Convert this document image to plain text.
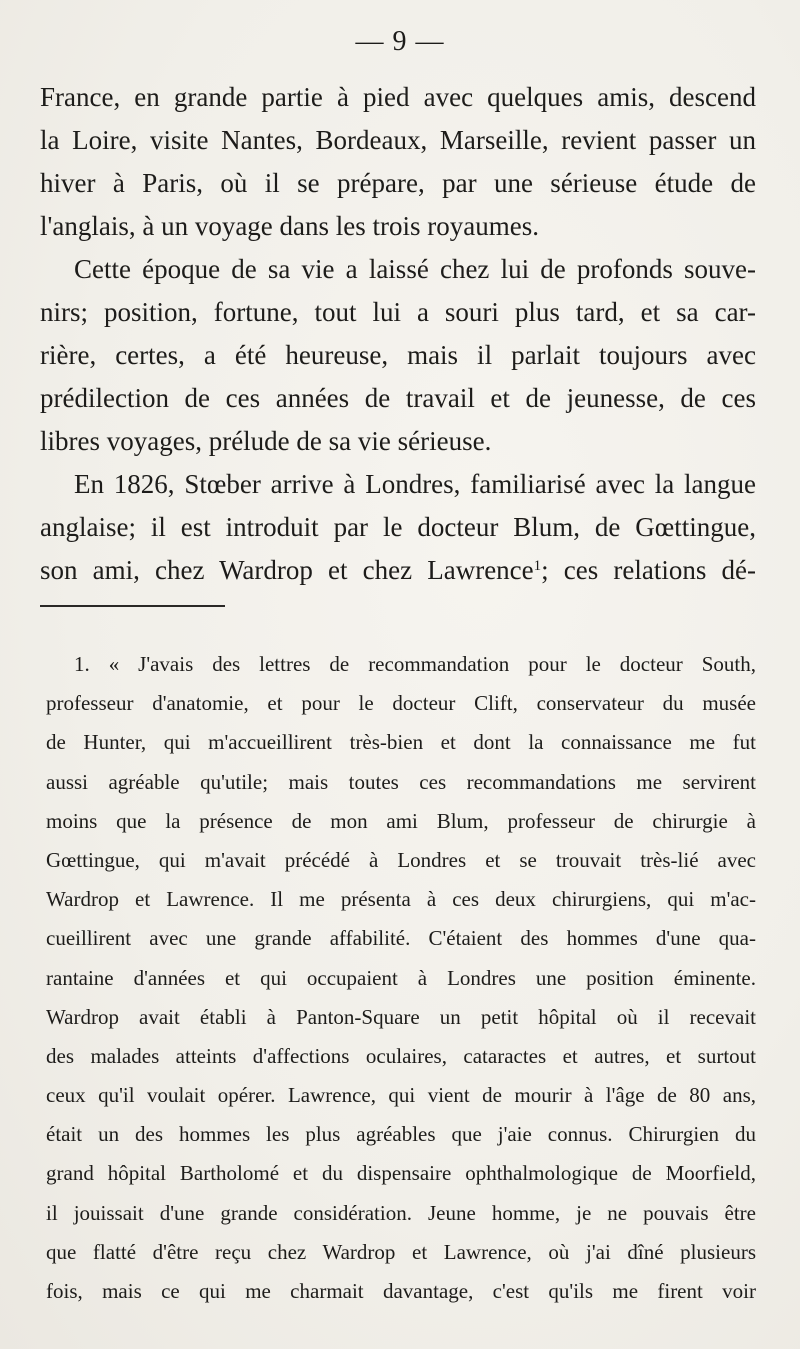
— 9 —
France, en grande partie à pied avec quelques amis, descend
la Loire, visite Nantes, Bordeaux, Marseille, revient passer un
hiver à Paris, où il se prépare, par une sérieuse étude de
l'anglais, à un voyage dans les trois royaumes.
Cette époque de sa vie a laissé chez lui de profonds souve-
nirs; position, fortune, tout lui a souri plus tard, et sa car-
rière, certes, a été heureuse, mais il parlait toujours avec
prédilection de ces années de travail et de jeunesse, de ces
libres voyages, prélude de sa vie sérieuse.
En 1826, Stœber arrive à Londres, familiarisé avec la langue
anglaise; il est introduit par le docteur Blum, de Gœttingue,
son ami, chez Wardrop et chez Lawrence$^1$; ces relations dé-
1. « J'avais des lettres de recommandation pour le docteur South,
professeur d'anatomie, et pour le docteur Clift, conservateur du musée
de Hunter, qui m'accueillirent très-bien et dont la connaissance me fut
aussi agréable qu'utile; mais toutes ces recommandations me servirent
moins que la présence de mon ami Blum, professeur de chirurgie à
Gœttingue, qui m'avait précédé à Londres et se trouvait très-lié avec
Wardrop et Lawrence. Il me présenta à ces deux chirurgiens, qui m'ac-
cueillirent avec une grande affabilité. C'étaient des hommes d'une qua-
rantaine d'années et qui occupaient à Londres une position éminente.
Wardrop avait établi à Panton-Square un petit hôpital où il recevait
des malades atteints d'affections oculaires, cataractes et autres, et surtout
ceux qu'il voulait opérer. Lawrence, qui vient de mourir à l'âge de 80 ans,
était un des hommes les plus agréables que j'aie connus. Chirurgien du
grand hôpital Bartholomé et du dispensaire ophthalmologique de Moorfield,
il jouissait d'une grande considération. Jeune homme, je ne pouvais être
que flatté d'être reçu chez Wardrop et Lawrence, où j'ai dîné plusieurs
fois, mais ce qui me charmait davantage, c'est qu'ils me firent voir
